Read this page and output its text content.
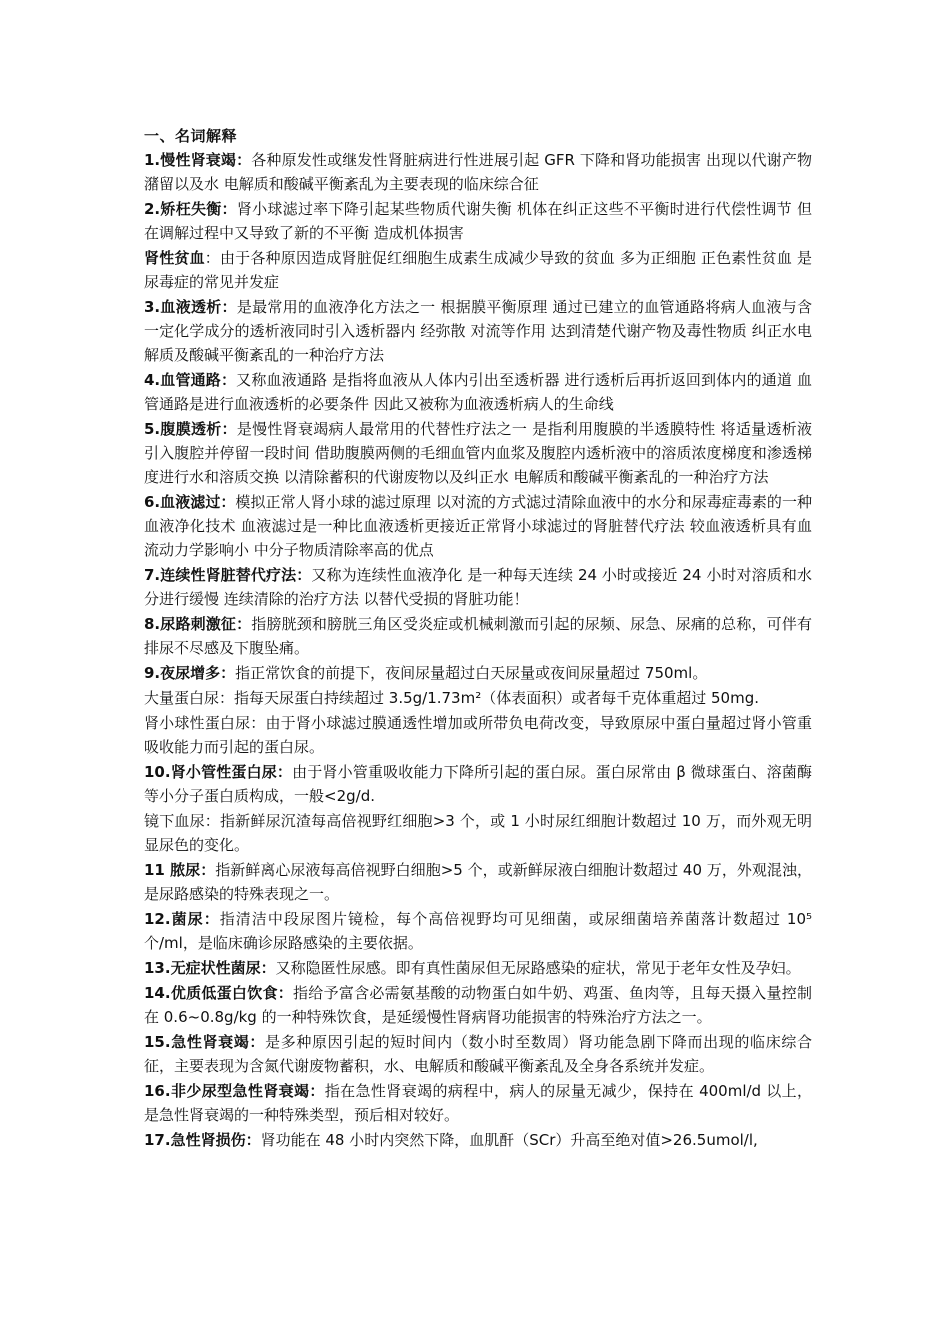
一、名词解释

1.慢性肾衰竭：各种原发性或继发性肾脏病进行性进展引起 GFR 下降和肾功能损害 出现以代谢产物潴留以及水 电解质和酸碱平衡紊乱为主要表现的临床综合征

2.矫枉失衡：肾小球滤过率下降引起某些物质代谢失衡 机体在纠正这些不平衡时进行代偿性调节 但在调解过程中又导致了新的不平衡 造成机体损害

肾性贫血：由于各种原因造成肾脏促红细胞生成素生成减少导致的贫血 多为正细胞 正色素性贫血 是尿毒症的常见并发症

3.血液透析：是最常用的血液净化方法之一 根据膜平衡原理 通过已建立的血管通路将病人血液与含一定化学成分的透析液同时引入透析器内 经弥散 对流等作用 达到清楚代谢产物及毒性物质 纠正水电解质及酸碱平衡紊乱的一种治疗方法

4.血管通路：又称血液通路 是指将血液从人体内引出至透析器 进行透析后再折返回到体内的通道 血管通路是进行血液透析的必要条件 因此又被称为血液透析病人的生命线

5.腹膜透析：是慢性肾衰竭病人最常用的代替性疗法之一 是指利用腹膜的半透膜特性 将适量透析液引入腹腔并停留一段时间 借助腹膜两侧的毛细血管内血浆及腹腔内透析液中的溶质浓度梯度和渗透梯度进行水和溶质交换 以清除蓄积的代谢废物以及纠正水 电解质和酸碱平衡紊乱的一种治疗方法

6.血液滤过：模拟正常人肾小球的滤过原理 以对流的方式滤过清除血液中的水分和尿毒症毒素的一种血液净化技术 血液滤过是一种比血液透析更接近正常肾小球滤过的肾脏替代疗法 较血液透析具有血流动力学影响小 中分子物质清除率高的优点

7.连续性肾脏替代疗法：又称为连续性血液净化 是一种每天连续 24 小时或接近 24 小时对溶质和水分进行缓慢 连续清除的治疗方法 以替代受损的肾脏功能！

8.尿路刺激征：指膀胱颈和膀胱三角区受炎症或机械刺激而引起的尿频、尿急、尿痛的总称，可伴有排尿不尽感及下腹坠痛。

9.夜尿增多：指正常饮食的前提下，夜间尿量超过白天尿量或夜间尿量超过 750ml。

大量蛋白尿：指每天尿蛋白持续超过 3.5g/1.73m²（体表面积）或者每千克体重超过 50mg.

肾小球性蛋白尿：由于肾小球滤过膜通透性增加或所带负电荷改变，导致原尿中蛋白量超过肾小管重吸收能力而引起的蛋白尿。

10.肾小管性蛋白尿：由于肾小管重吸收能力下降所引起的蛋白尿。蛋白尿常由 β 微球蛋白、溶菌酶等小分子蛋白质构成，一般<2g/d.

镜下血尿：指新鲜尿沉渣每高倍视野红细胞>3 个，或 1 小时尿红细胞计数超过 10 万，而外观无明显尿色的变化。

11 脓尿：指新鲜离心尿液每高倍视野白细胞>5 个，或新鲜尿液白细胞计数超过 40 万，外观混浊，是尿路感染的特殊表现之一。

12.菌尿：指清洁中段尿图片镜检，每个高倍视野均可见细菌，或尿细菌培养菌落计数超过 10⁵ 个/ml，是临床确诊尿路感染的主要依据。

13.无症状性菌尿：又称隐匿性尿感。即有真性菌尿但无尿路感染的症状，常见于老年女性及孕妇。

14.优质低蛋白饮食：指给予富含必需氨基酸的动物蛋白如牛奶、鸡蛋、鱼肉等，且每天摄入量控制在 0.6~0.8g/kg 的一种特殊饮食，是延缓慢性肾病肾功能损害的特殊治疗方法之一。

15.急性肾衰竭：是多种原因引起的短时间内（数小时至数周）肾功能急剧下降而出现的临床综合征，主要表现为含氮代谢废物蓄积，水、电解质和酸碱平衡紊乱及全身各系统并发症。

16.非少尿型急性肾衰竭：指在急性肾衰竭的病程中，病人的尿量无减少，保持在 400ml/d 以上，是急性肾衰竭的一种特殊类型，预后相对较好。

17.急性肾损伤：肾功能在 48 小时内突然下降，血肌酐（SCr）升高至绝对值>26.5umol/l,
